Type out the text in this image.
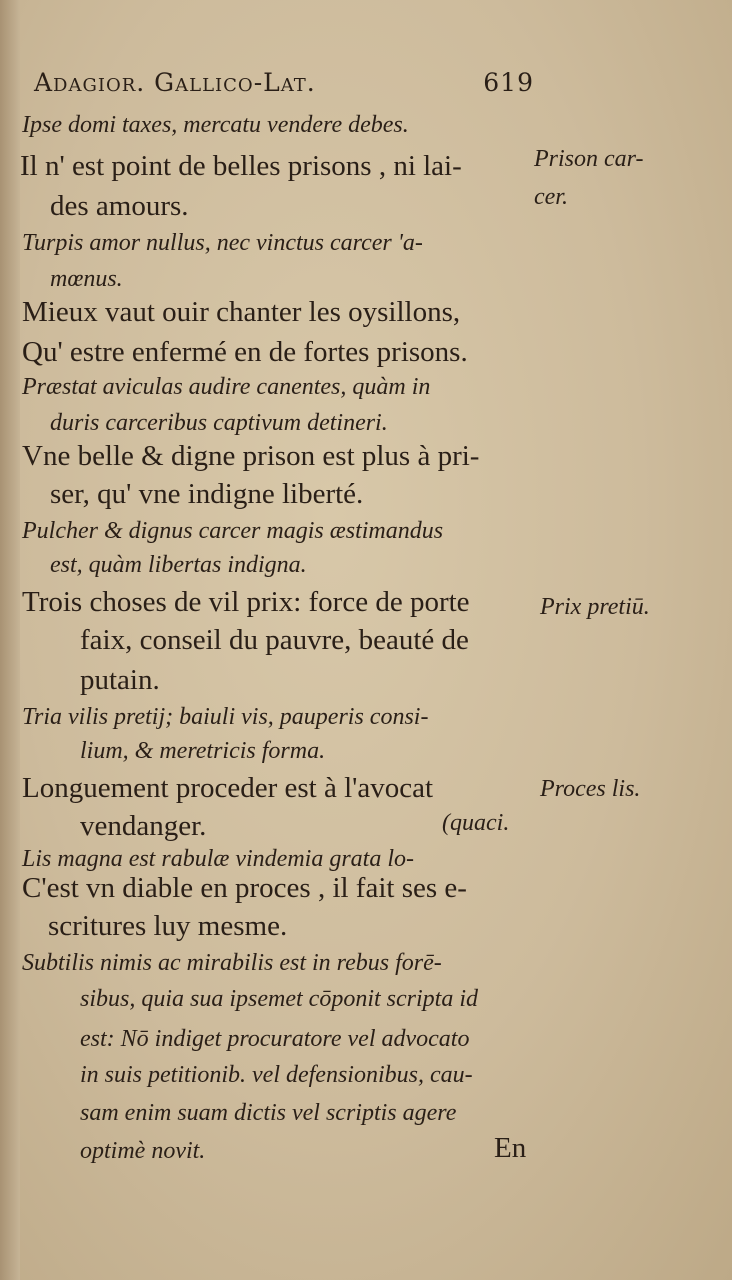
Adagior. Gallico-Lat.	619
Ipse domi taxes, mercatu vendere debes.
Il n' est point de belles prisons , ni lai-
des amours.
Turpis amor nullus, nec vinctus carcer 'a-
mœnus.
Mieux vaut ouir chanter les oysillons,
Qu' estre enfermé en de fortes prisons.
Præstat aviculas audire canentes, quàm in
duris carceribus captivum detineri.
Vne belle & digne prison est plus à pri-
ser, qu' vne indigne liberté.
Pulcher & dignus carcer magis æstimandus
est, quàm libertas indigna.
Trois choses de vil prix: force de porte
faix, conseil du pauvre, beauté de
putain.
Tria vilis pretij; baiuli vis, pauperis consi-
lium, & meretricis forma.
Longuement proceder est à l'avocat
vendanger.	(quaci.
Lis magna est rabulæ vindemia grata lo-
C'est vn diable en proces , il fait ses e-
scritures luy mesme.
Subtilis nimis ac mirabilis est in rebus forē-
sibus, quia sua ipsemet cōponit scripta id
est: Nō indiget procuratore vel advocato
in suis petitionib. vel defensionibus, cau-
sam enim suam dictis vel scriptis agere
optimè novit.
Prison car-
cer.
Prix pretiū.
Proces lis.
En
